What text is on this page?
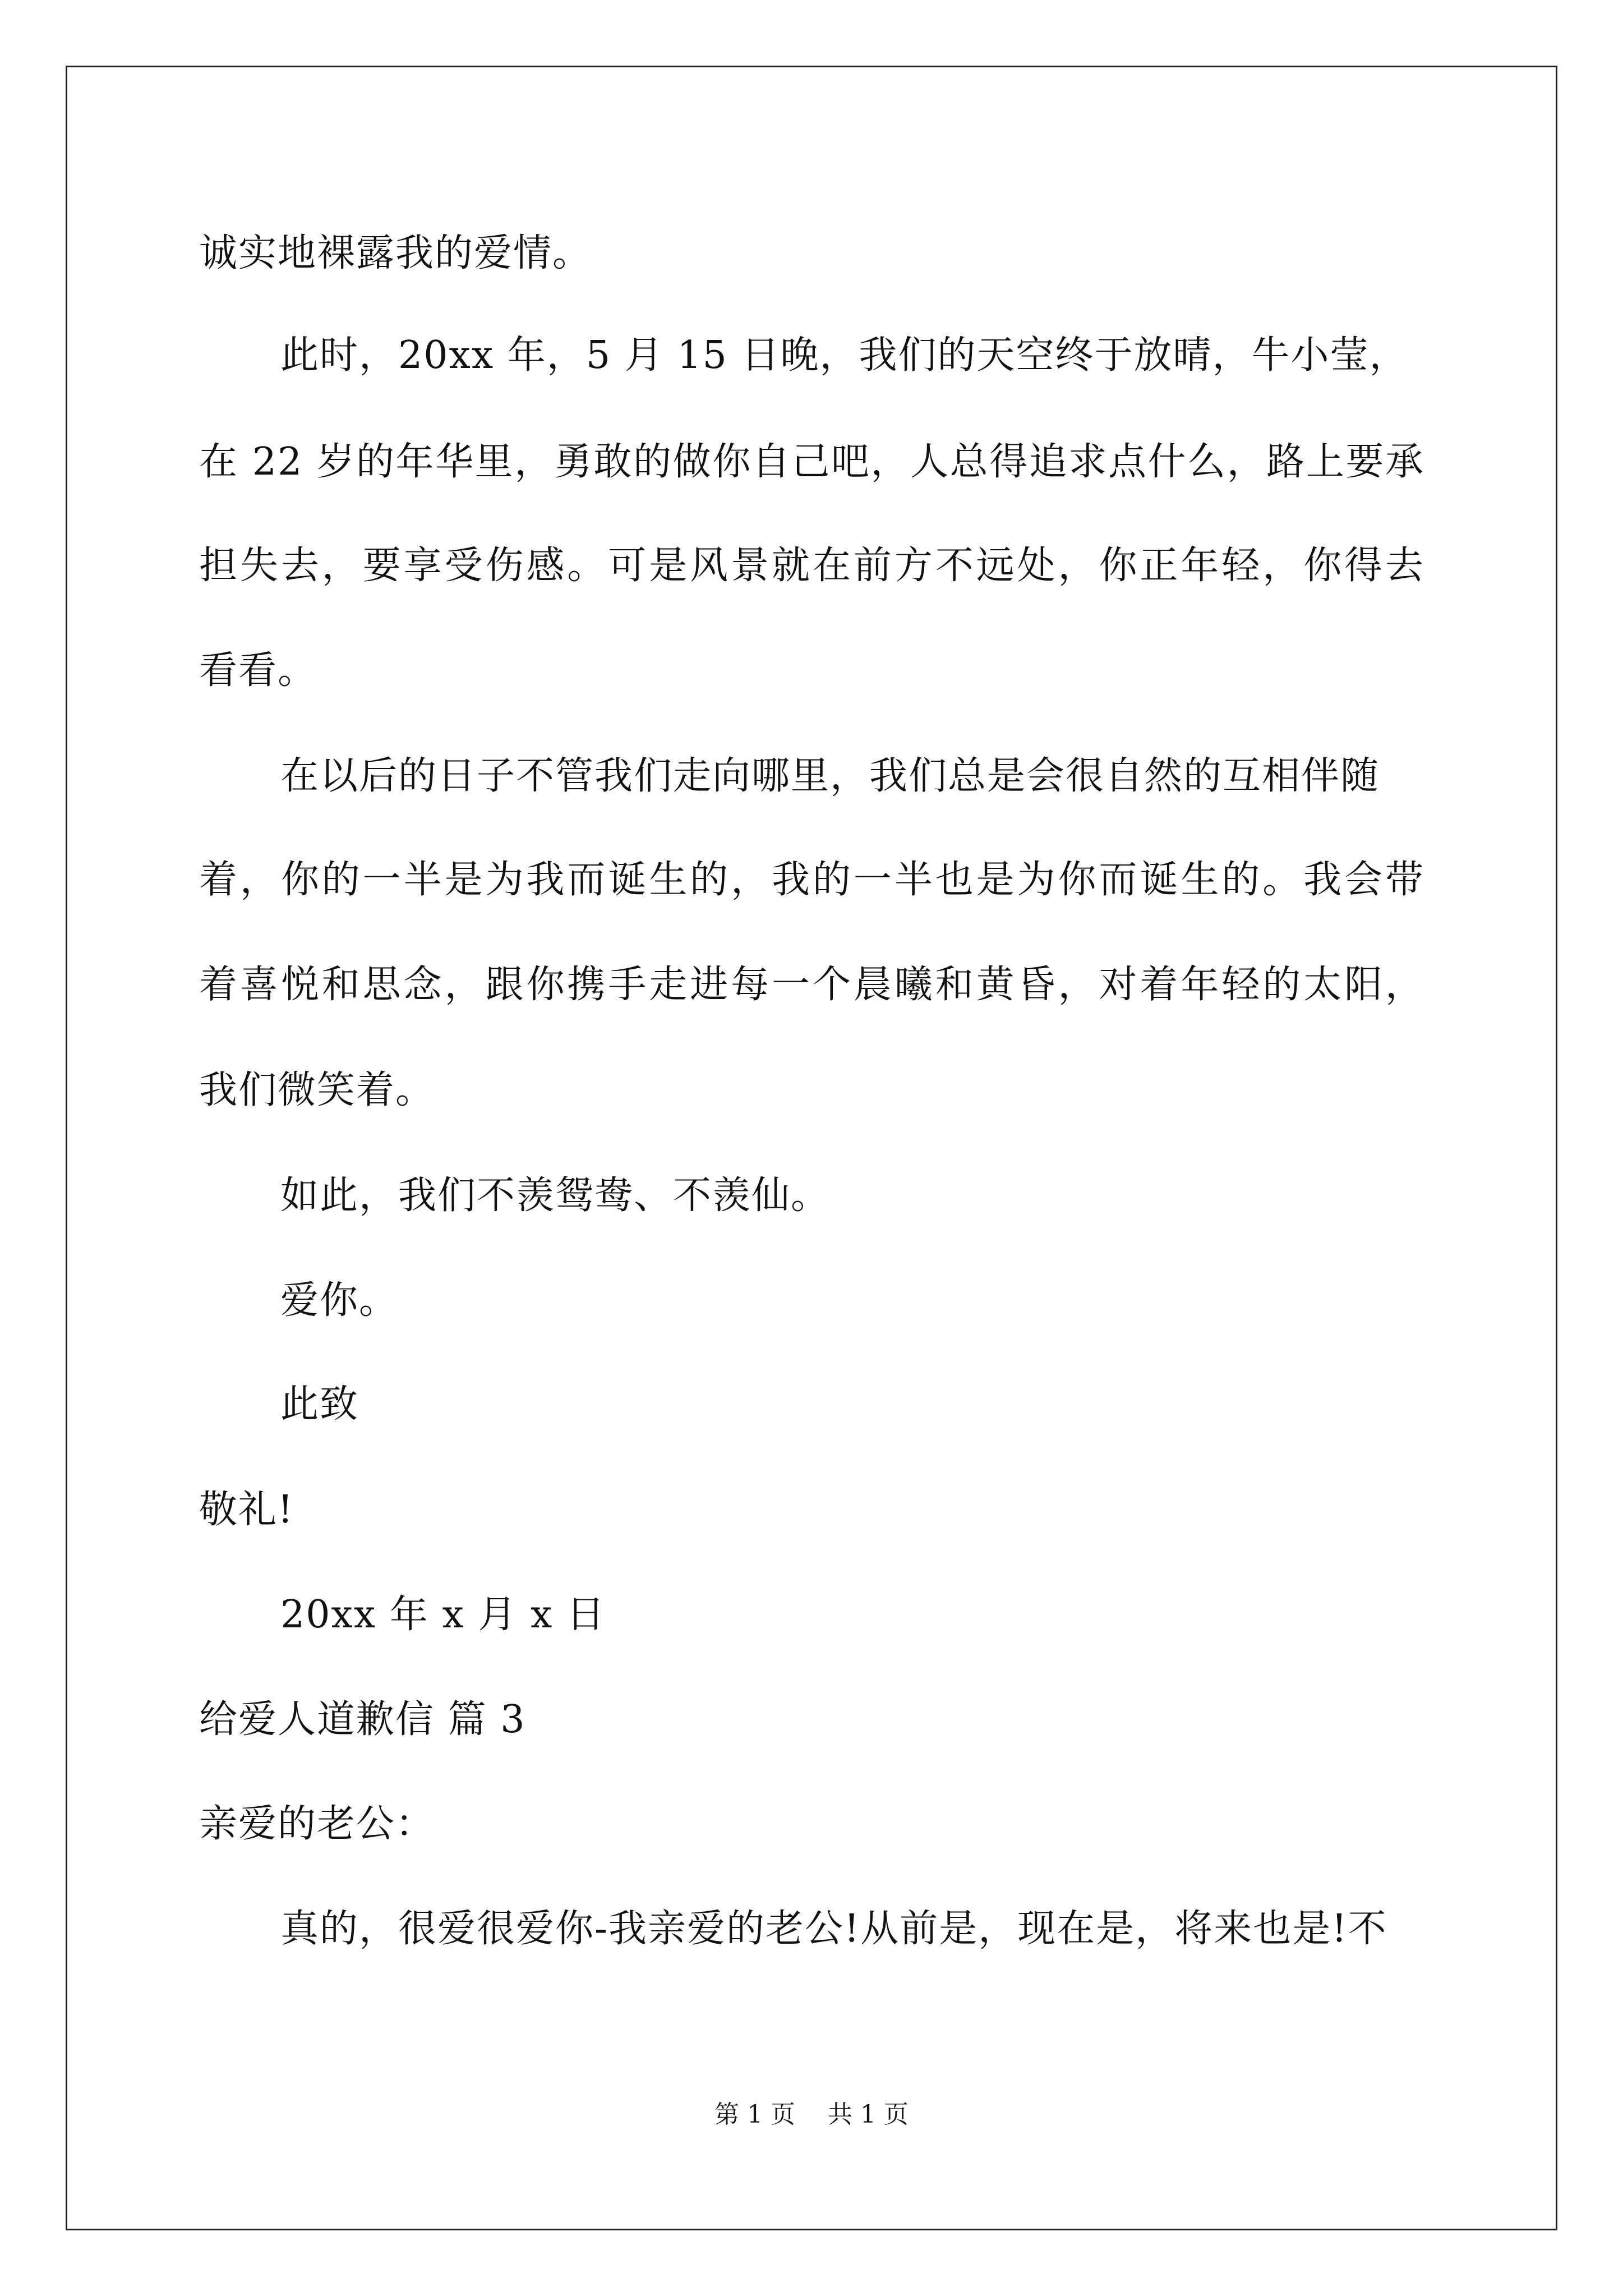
诚实地裸露我的爱情。
此时，20xx 年，5 月 15 日晚，我们的天空终于放晴，牛小莹，
在 22 岁的年华里，勇敢的做你自己吧，人总得追求点什么，路上要承
担失去，要享受伤感。可是风景就在前方不远处，你正年轻，你得去
看看。
在以后的日子不管我们走向哪里，我们总是会很自然的互相伴随
着，你的一半是为我而诞生的，我的一半也是为你而诞生的。我会带
着喜悦和思念，跟你携手走进每一个晨曦和黄昏，对着年轻的太阳，
我们微笑着。
如此，我们不羡鸳鸯、不羡仙。
爱你。
此致
敬礼!
20xx 年 x 月 x 日
给爱人道歉信 篇 3
亲爱的老公：
真的，很爱很爱你-我亲爱的老公!从前是，现在是，将来也是!不
第 1 页 共 1 页
